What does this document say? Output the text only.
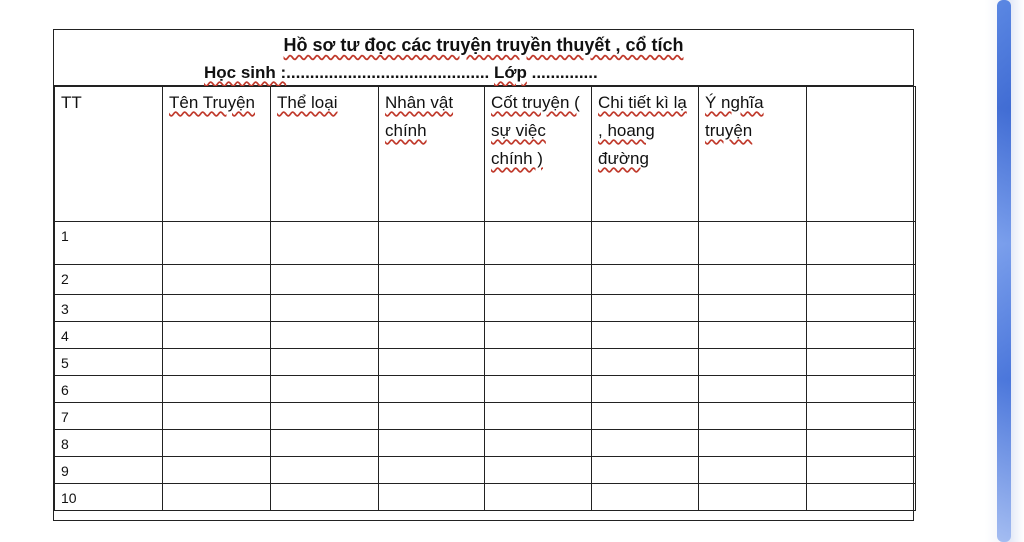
Hồ sơ tư đọc các truyện truyền thuyết , cổ tích
Học sinh :........................................... Lớp ..............
TT	Tên Truyện	Thể loại	Nhân vật chính	Cốt truyện ( sự việc chính )	Chi tiết kì lạ , hoang đường	Ý nghĩa truyện	
1							
2							
3							
4							
5							
6							
7							
8							
9							
10							
